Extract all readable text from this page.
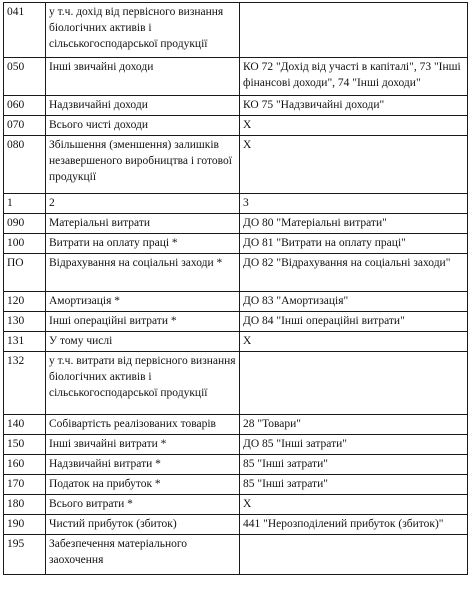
041	у т.ч. дохід від первісного визнання біологічних активів і сільськогосподарської продукції	
050	Інші звичайні доходи	КО 72 "Дохід від участі в капіталі", 73 "Інші фінансові доходи", 74 "Інші доходи"
060	Надзвичайні доходи	КО 75 "Надзвичайні доходи"
070	Всього чисті доходи	X
080	Збільшення (зменшення) залишків незавершеного виробництва і готової продукції	X
1	2	3
090	Матеріальні витрати	ДО 80 "Матеріальні витрати"
100	Витрати на оплату праці *	ДО 81 "Витрати на оплату праці"
ПО	Відрахування на соціальні заходи *	ДО 82 "Відрахування на соціальні заходи"
120	Амортизація *	ДО 83 "Амортизація"
130	Інші операційні витрати *	ДО 84 "Інші операційні витрати"
131	У тому числі	X
132	у т.ч. витрати від первісного визнання біологічних активів і сільськогосподарської продукції	
140	Собівартість реалізованих товарів	28 "Товари"
150	Інші звичайні витрати *	ДО 85 "Інші затрати"
160	Надзвичайні витрати *	85 "Інші затрати"
170	Податок на прибуток *	85 "Інші затрати"
180	Всього витрати *	X
190	Чистий прибуток (збиток)	441 "Нерозподілений прибуток (збиток)"
195	Забезпечення матеріального заохочення	
